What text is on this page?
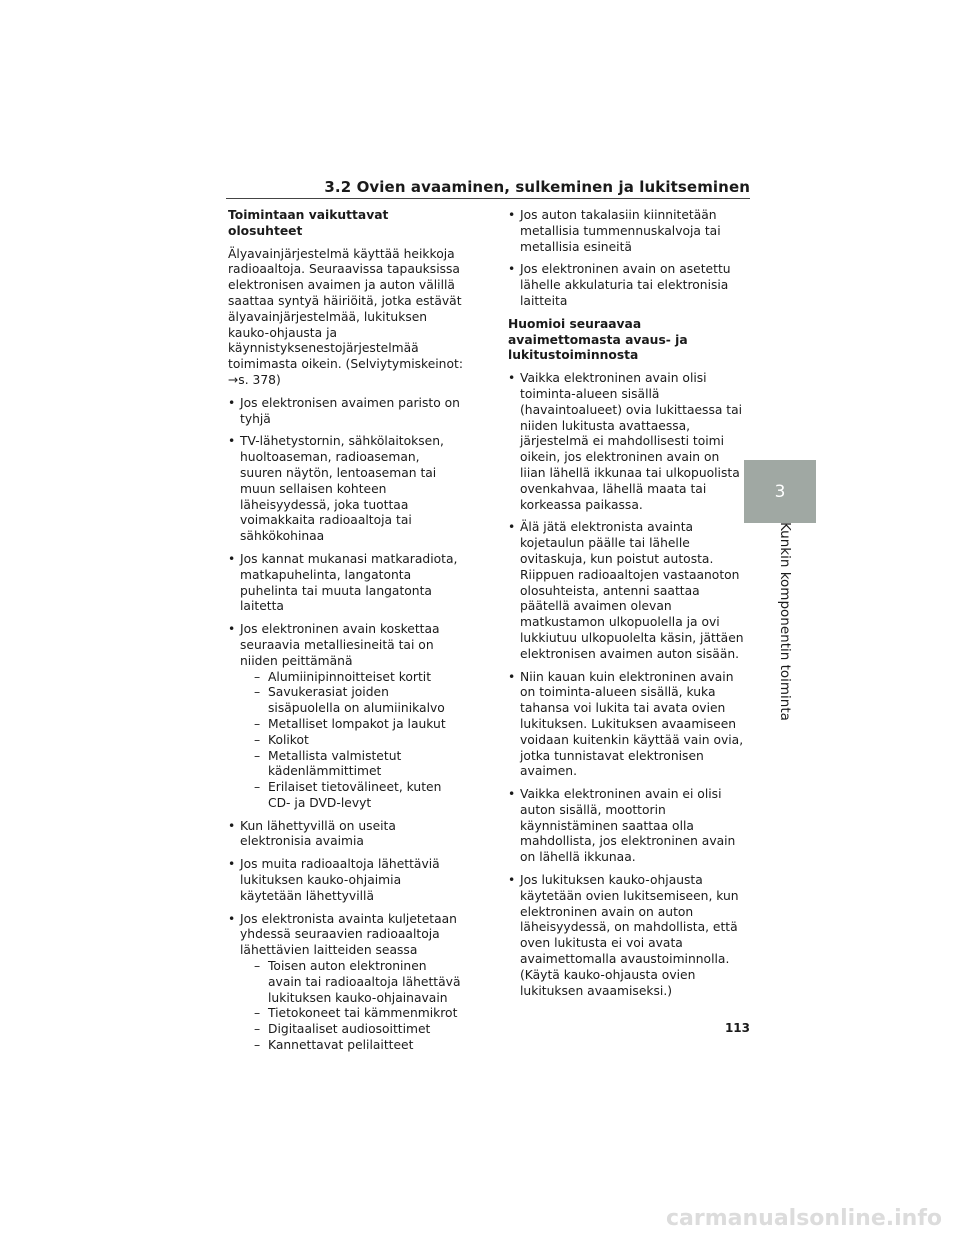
3.2 Ovien avaaminen, sulkeminen ja lukitseminen
Toimintaan vaikuttavat olosuhteet
Älyavainjärjestelmä käyttää heikkoja radioaaltoja. Seuraavissa tapauksissa elektronisen avaimen ja auton välillä saattaa syntyä häiriöitä, jotka estävät älyavainjärjestelmää, lukituksen kauko-ohjausta ja käynnistyksenestojärjestelmää toimimasta oikein. (Selviytymiskeinot: →s. 378)
• Jos elektronisen avaimen paristo on tyhjä
• TV-lähetystornin, sähkölaitoksen, huoltoaseman, radioaseman, suuren näytön, lentoaseman tai muun sellaisen kohteen läheisyydessä, joka tuottaa voimakkaita radioaaltoja tai sähkökohinaa
• Jos kannat mukanasi matkaradiota, matkapuhelinta, langatonta puhelinta tai muuta langatonta laitetta
• Jos elektroninen avain koskettaa seuraavia metalliesineitä tai on niiden peittämänä
– Alumiinipinnoitteiset kortit
– Savukerasiat joiden sisäpuolella on alumiinikalvo
– Metalliset lompakot ja laukut
– Kolikot
– Metallista valmistetut kädenlämmittimet
– Erilaiset tietovälineet, kuten CD- ja DVD-levyt
• Kun lähettyvillä on useita elektronisia avaimia
• Jos muita radioaaltoja lähettäviä lukituksen kauko-ohjaimia käytetään lähettyvillä
• Jos elektronista avainta kuljetetaan yhdessä seuraavien radioaaltoja lähettävien laitteiden seassa
– Toisen auton elektroninen avain tai radioaaltoja lähettävä lukituksen kauko-ohjainavain
– Tietokoneet tai kämmenmikrot
– Digitaaliset audiosoittimet
– Kannettavat pelilaitteet
• Jos auton takalasiin kiinnitetään metallisia tummennuskalvoja tai metallisia esineitä
• Jos elektroninen avain on asetettu lähelle akkulaturia tai elektronisia laitteita
Huomioi seuraavaa avaimettomasta avaus- ja lukitustoiminnosta
• Vaikka elektroninen avain olisi toiminta-alueen sisällä (havaintoalueet) ovia lukittaessa tai niiden lukitusta avattaessa, järjestelmä ei mahdollisesti toimi oikein, jos elektroninen avain on liian lähellä ikkunaa tai ulkopuolista ovenkahvaa, lähellä maata tai korkeassa paikassa.
• Älä jätä elektronista avainta kojetaulun päälle tai lähelle ovitaskuja, kun poistut autosta. Riippuen radioaaltojen vastaanoton olosuhteista, antenni saattaa päätellä avaimen olevan matkustamon ulkopuolella ja ovi lukkiutuu ulkopuolelta käsin, jättäen elektronisen avaimen auton sisään.
• Niin kauan kuin elektroninen avain on toiminta-alueen sisällä, kuka tahansa voi lukita tai avata ovien lukituksen. Lukituksen avaamiseen voidaan kuitenkin käyttää vain ovia, jotka tunnistavat elektronisen avaimen.
• Vaikka elektroninen avain ei olisi auton sisällä, moottorin käynnistäminen saattaa olla mahdollista, jos elektroninen avain on lähellä ikkunaa.
• Jos lukituksen kauko-ohjausta käytetään ovien lukitsemiseen, kun elektroninen avain on auton läheisyydessä, on mahdollista, että oven lukitusta ei voi avata avaimettomalla avaustoiminnolla. (Käytä kauko-ohjausta ovien lukituksen avaamiseksi.)
3
Kunkin komponentin toiminta
113
carmanualsonline.info
